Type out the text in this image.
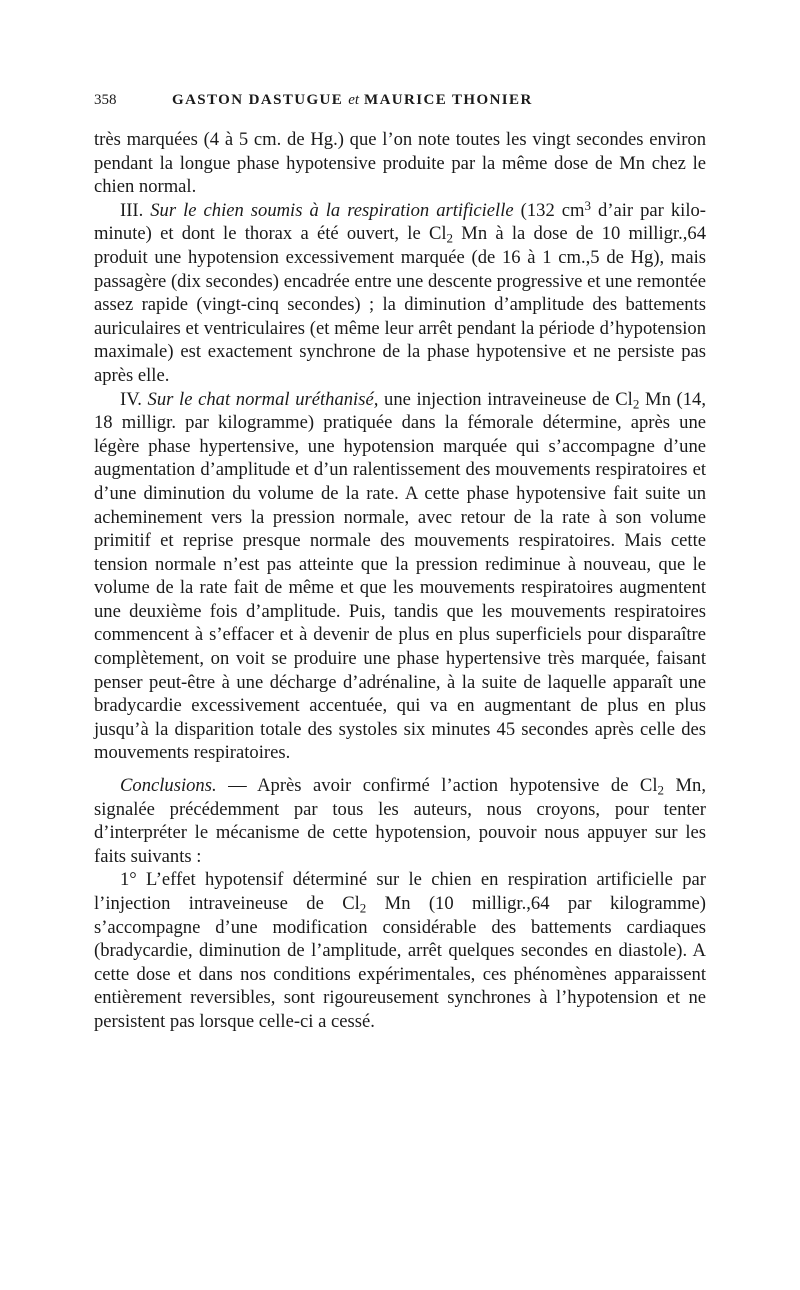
358	GASTON DASTUGUE et MAURICE THONIER

très marquées (4 à 5 cm. de Hg.) que l’on note toutes les vingt secondes environ pendant la longue phase hypotensive produite par la même dose de Mn chez le chien normal.

III. Sur le chien soumis à la respiration artificielle (132 $cm^3$ d’air par kilo-minute) et dont le thorax a été ouvert, le $Cl_2$ Mn à la dose de 10 milligr.,64 produit une hypotension excessivement marquée (de 16 à 1 cm.,5 de Hg), mais passagère (dix secondes) encadrée entre une descente progressive et une remontée assez rapide (vingt-cinq secondes) ; la diminution d’amplitude des battements auriculaires et ventriculaires (et même leur arrêt pendant la période d’hypotension maximale) est exactement synchrone de la phase hypotensive et ne persiste pas après elle.

IV. Sur le chat normal uréthanisé, une injection intraveineuse de $Cl_2$ Mn (14, 18 milligr. par kilogramme) pratiquée dans la fémorale détermine, après une légère phase hypertensive, une hypotension marquée qui s’accompagne d’une augmentation d’amplitude et d’un ralentissement des mouvements respiratoires et d’une diminution du volume de la rate. A cette phase hypotensive fait suite un acheminement vers la pression normale, avec retour de la rate à son volume primitif et reprise presque normale des mouvements respiratoires. Mais cette tension normale n’est pas atteinte que la pression rediminue à nouveau, que le volume de la rate fait de même et que les mouvements respiratoires augmentent une deuxième fois d’amplitude. Puis, tandis que les mouvements respiratoires commencent à s’effacer et à devenir de plus en plus superficiels pour disparaître complètement, on voit se produire une phase hypertensive très marquée, faisant penser peut-être à une décharge d’adrénaline, à la suite de laquelle apparaît une bradycardie excessivement accentuée, qui va en augmentant de plus en plus jusqu’à la disparition totale des systoles six minutes 45 secondes après celle des mouvements respiratoires.

Conclusions. — Après avoir confirmé l’action hypotensive de $Cl_2$ Mn, signalée précédemment par tous les auteurs, nous croyons, pour tenter d’interpréter le mécanisme de cette hypotension, pouvoir nous appuyer sur les faits suivants :

1° L’effet hypotensif déterminé sur le chien en respiration artificielle par l’injection intraveineuse de $Cl_2$ Mn (10 milligr.,64 par kilogramme) s’accompagne d’une modification considérable des battements cardiaques (bradycardie, diminution de l’amplitude, arrêt quelques secondes en diastole). A cette dose et dans nos conditions expérimentales, ces phénomènes apparaissent entièrement reversibles, sont rigoureusement synchrones à l’hypotension et ne persistent pas lorsque celle-ci a cessé.
